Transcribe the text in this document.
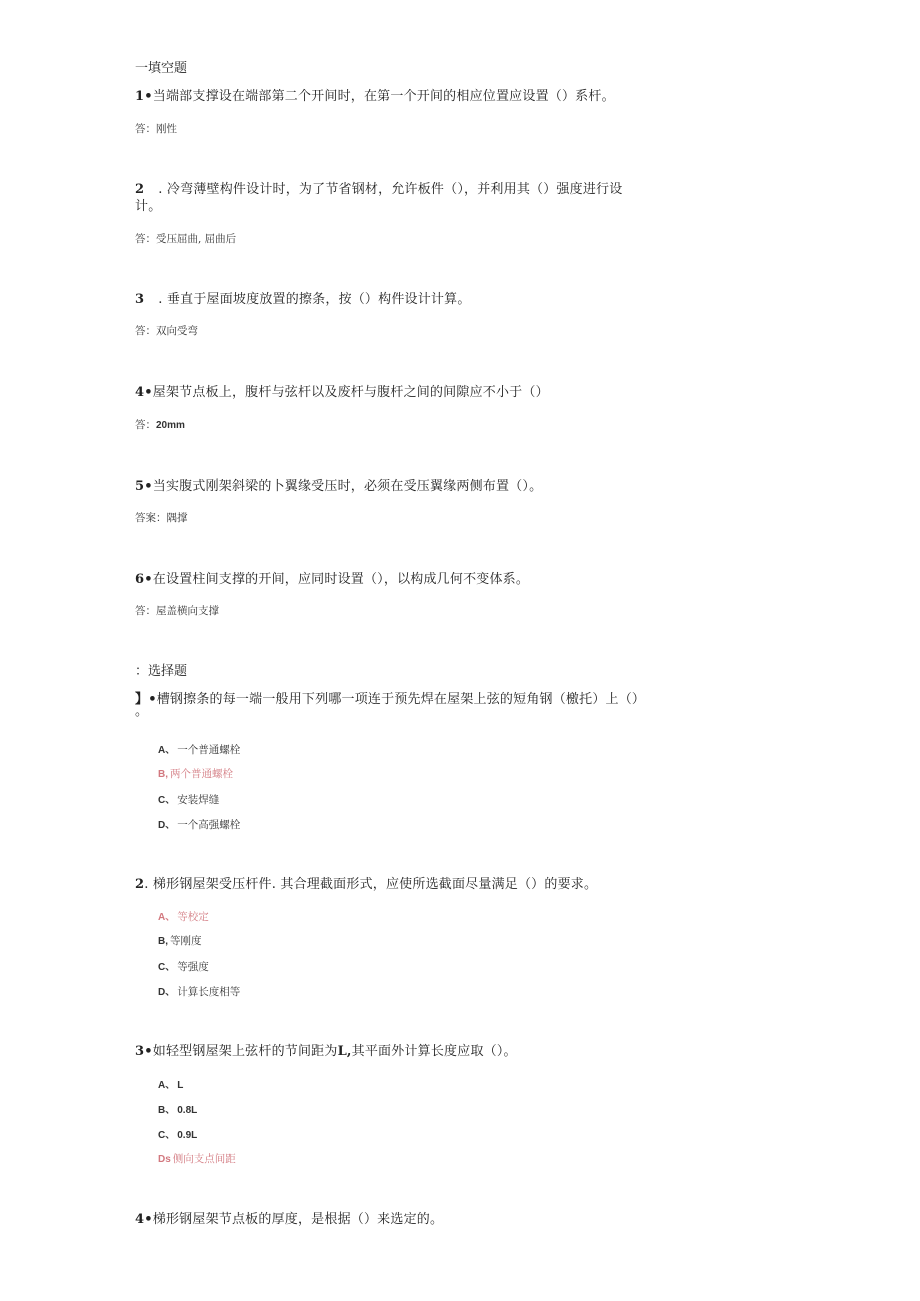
一填空题
1•当端部支撑设在端部第二个开间时，在第一个开间的相应位置应设置（）系杆。
答：刚性
2 . 冷弯薄壁构件设计时，为了节省钢材，允许板件（），并利用其（）强度进行设
计。
答：受压屈曲, 屈曲后
3 . 垂直于屋面坡度放置的擦条，按（）构件设计计算。
答：双向受弯
4•屋架节点板上，腹杆与弦杆以及废杆与腹杆之间的间隙应不小于（）
答：20mm
5•当实腹式刚架斜梁的卜翼缘受压时，必须在受压翼缘两侧布置（）。
答案：隅撑
6•在设置柱间支撑的开间，应同时设置（），以构成几何不变体系。
答：屋盖横向支撑
：选择题
】•槽钢擦条的每一端一般用下列哪一项连于预先焊在屋架上弦的短角钢（檄托）上（）
。
A、 一个普通螺栓
B, 两个普通螺栓
C、 安装焊缝
D、 一个高强螺栓
2. 梯形钢屋架受压杆件. 其合理截面形式，应使所选截面尽量满足（）的要求。
A、 等校定
B, 等刚度
C、 等强度
D、 计算长度相等
3•如轻型钢屋架上弦杆的节间距为L,其平面外计算长度应取（）。
A、 L
B、 0.8L
C、 0.9L
Ds 侧向支点间距
4•梯形钢屋架节点板的厚度，是根据（）来选定的。
